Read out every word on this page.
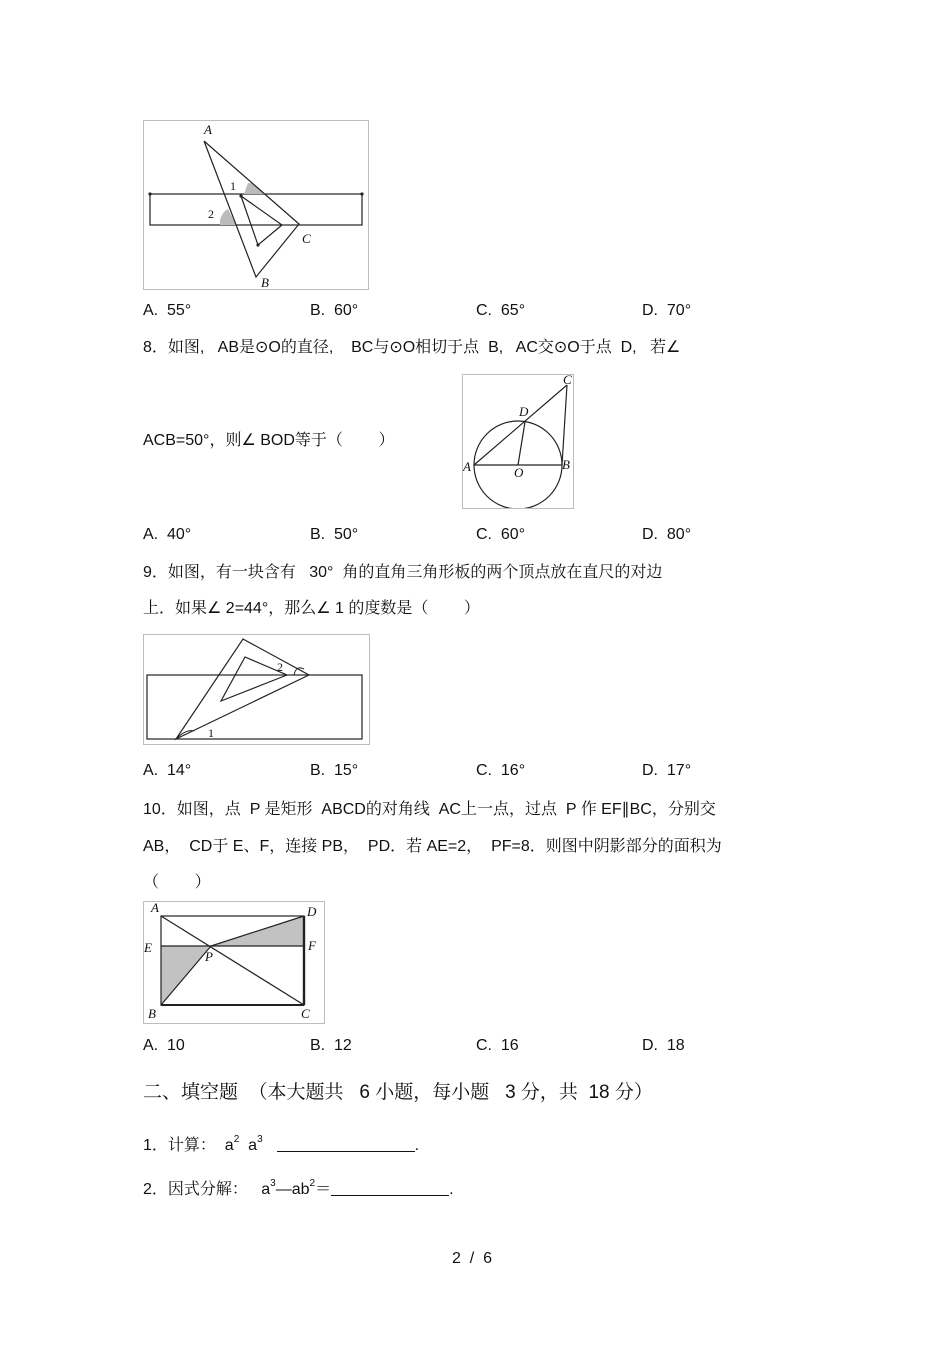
A
B
C
1
2
A.  55°	B.  60°	C.  65°	D.  70°
8．如图,   AB是⊙O的直径,    BC与⊙O相切于点  B,   AC交⊙O于点  D,   若∠
A	B
C
D
O
ACB=50°，则∠ BOD等于（        ）
A.  40°	B.  50°	C.  60°	D.  80°
9．如图，有一块含有   30°  角的直角三角形板的两个顶点放在直尺的对边
上．如果∠ 2=44°，那么∠ 1 的度数是（        ）
1
2
A.  14°	B.  15°	C.  16°	D.  17°
10．如图，点  P 是矩形  ABCD的对角线  AC上一点，过点  P 作 EF∥BC，分别交
AB，  CD于 E、F，连接 PB，  PD．若 AE=2，  PF=8．则图中阴影部分的面积为
（        ）
A
B	C
D
E	F
P
A.  10	B.  12	C.  16	D.  18
二、填空题  （本大题共   6 小题，每小题   3 分，共  18 分）
1．计算：  $a^2$  $a^3$	.
2．因式分解：   $a^3—ab^2=$	.
2  /  6
